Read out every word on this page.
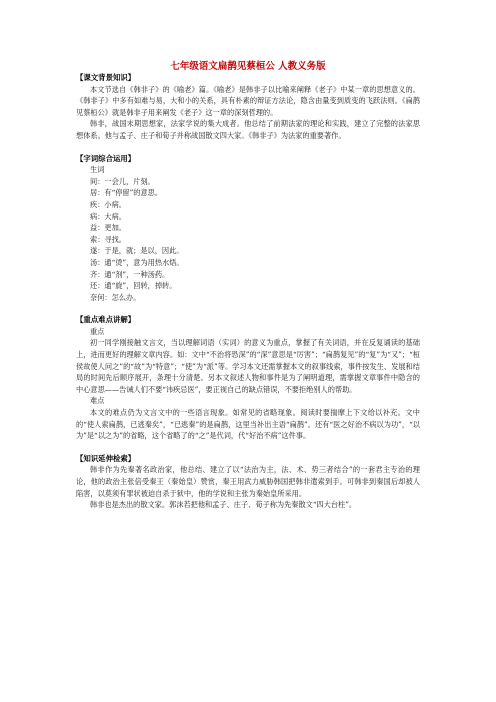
七年级语文扁鹊见蔡桓公 人教义务版
【课文背景知识】
本文节选自《韩非子》的《喻老》篇。《喻老》是韩非子以比喻来阐释《老子》中某一章的思想意义的。《韩非子》中多有如难与易，大和小的关系，具有朴素的辩证方法论，隐含由量变到质变的飞跃法则。《扁鹊见蔡桓公》就是韩非子用来阐发《老子》这一章的深刻哲理的。
韩非，战国末期思想家，法家学说的集大成者。他总结了前期法家的理论和实践，建立了完整的法家思想体系。他与孟子、庄子和荀子并称战国散文四大家。《韩非子》为法家的重要著作。
【字词综合运用】
生词
间：一会儿，片刻。
居：有“停留”的意思。
疾：小病。
病：大病。
益：更加。
索：寻找。
遂：于是，就；是以，因此。
汤：通“烫”，意为用热水焐。
齐：通“剂”，一种汤药。
还：通“旋”，回转，掉转。
奈何：怎么办。
【重点难点讲解】
重点
初一同学刚接触文言文，当以理解词语（实词）的意义为重点，掌握了有关词语，并在反复诵读的基础上，进而更好的理解文章内容。如：文中“不治将恐深”的“深”意思是“厉害”；“扁鹊复见”的“复”为“又”；“桓侯故使人问之”的“故”为“特意”；“使”为“派”等。学习本文还需掌握本文的叙事线索，事件按发生、发展和结局的时间先后顺序展开，条理十分清楚。另本文叙述人物和事件是为了阐明道理，需掌握文章事件中隐含的中心意思——告诫人们不要“讳疾忌医”，要正视自己的缺点错误，不要拒绝别人的帮助。
难点
本文的难点仍为文言文中的一些语言现象。如常见的省略现象。阅读时要揣摩上下文给以补充。文中的“使人索扁鹊，已逃秦矣”，“已逃秦”的是扁鹊，这里当补出主语“扁鹊”。还有“医之好治不病以为功”，“以为”是“以之为”的省略，这个省略了的“之”是代词，代“好治不病”这件事。
【知识延伸检索】
韩非作为先秦著名政治家，他总结、建立了以“法治为主，法、术、势三者结合”的一套君主专治的理论，他的政治主张倍受秦王（秦始皇）赞赏，秦王用武力威胁韩国把韩非遣索到手。可韩非到秦国后却被人陷害，以莫须有罪状被迫自杀于狱中，他的学说和主张为秦始皇所采用。
韩非也是杰出的散文家。郭沫若把他和孟子、庄子、荀子称为先秦散文“四大台柱”。
